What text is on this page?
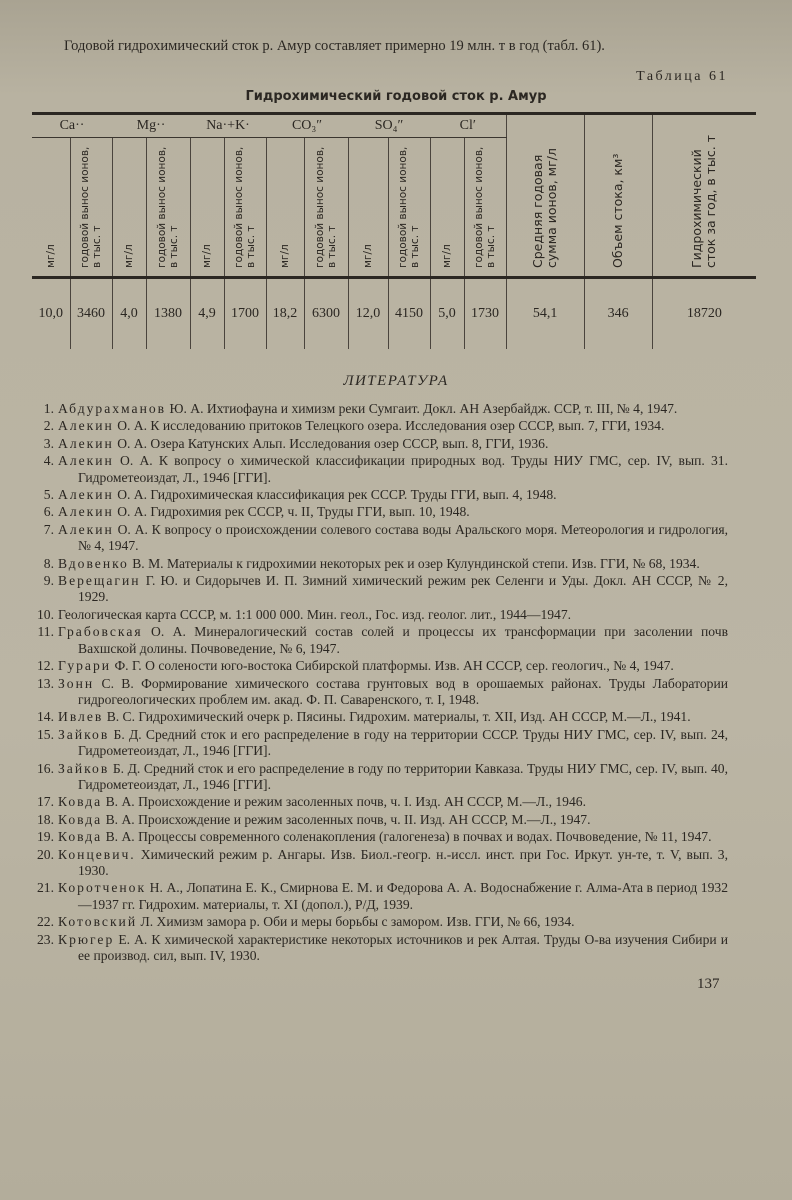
Годовой гидрохимический сток р. Амур составляет примерно 19 млн. т в год (табл. 61).

Таблица 61
Гидрохимический годовой сток р. Амур
Ca··		Mg··		Na·+K·		CO₃″		SO₄″		Cl′		Средняя годовая сумма ионов, мг/л	Объем стока, км³	Гидрохимический сток за год, в тыс. т
мг/л	годовой вынос ионов, в тыс. т	мг/л	годовой вынос ионов, в тыс. т	мг/л	годовой вынос ионов, в тыс. т	мг/л	годовой вынос ионов, в тыс. т	мг/л	годовой вынос ионов, в тыс. т	мг/л	годовой вынос ионов, в тыс. т			
10,0	3460	4,0	1380	4,9	1700	18,2	6300	12,0	4150	5,0	1730	54,1	346	18720
ЛИТЕРАТУРА
1. Абдурахманов Ю. А. Ихтиофауна и химизм реки Сумгаит. Докл. АН Азербайдж. ССР, т. III, № 4, 1947.
2. Алекин О. А. К исследованию притоков Телецкого озера. Исследования озер СССР, вып. 7, ГГИ, 1934.
3. Алекин О. А. Озера Катунских Альп. Исследования озер СССР, вып. 8, ГГИ, 1936.
4. Алекин О. А. К вопросу о химической классификации природных вод. Труды НИУ ГМС, сер. IV, вып. 31. Гидрометеоиздат, Л., 1946 [ГГИ].
5. Алекин О. А. Гидрохимическая классификация рек СССР. Труды ГГИ, вып. 4, 1948.
6. Алекин О. А. Гидрохимия рек СССР, ч. II, Труды ГГИ, вып. 10, 1948.
7. Алекин О. А. К вопросу о происхождении солевого состава воды Аральского моря. Метеорология и гидрология, № 4, 1947.
8. Вдовенко В. М. Материалы к гидрохимии некоторых рек и озер Кулундинской степи. Изв. ГГИ, № 68, 1934.
9. Верещагин Г. Ю. и Сидорычев И. П. Зимний химический режим рек Селенги и Уды. Докл. АН СССР, № 2, 1929.
10. Геологическая карта СССР, м. 1:1 000 000. Мин. геол., Гос. изд. геолог. лит., 1944—1947.
11. Грабовская О. А. Минералогический состав солей и процессы их трансформации при засолении почв Вахшской долины. Почвоведение, № 6, 1947.
12. Гурари Ф. Г. О солености юго-востока Сибирской платформы. Изв. АН СССР, сер. геологич., № 4, 1947.
13. Зонн С. В. Формирование химического состава грунтовых вод в орошаемых районах. Труды Лаборатории гидрогеологических проблем им. акад. Ф. П. Саваренского, т. I, 1948.
14. Ивлев В. С. Гидрохимический очерк р. Пясины. Гидрохим. материалы, т. XII, Изд. АН СССР, М.—Л., 1941.
15. Зайков Б. Д. Средний сток и его распределение в году на территории СССР. Труды НИУ ГМС, сер. IV, вып. 24, Гидрометеоиздат, Л., 1946 [ГГИ].
16. Зайков Б. Д. Средний сток и его распределение в году по территории Кавказа. Труды НИУ ГМС, сер. IV, вып. 40, Гидрометеоиздат, Л., 1946 [ГГИ].
17. Ковда В. А. Происхождение и режим засоленных почв, ч. I. Изд. АН СССР, М.—Л., 1946.
18. Ковда В. А. Происхождение и режим засоленных почв, ч. II. Изд. АН СССР, М.—Л., 1947.
19. Ковда В. А. Процессы современного соленакопления (галогенеза) в почвах и водах. Почвоведение, № 11, 1947.
20. Концевич. Химический режим р. Ангары. Изв. Биол.-геогр. н.-иссл. инст. при Гос. Иркут. ун-те, т. V, вып. 3, 1930.
21. Коротченок Н. А., Лопатина Е. К., Смирнова Е. М. и Федорова А. А. Водоснабжение г. Алма-Ата в период 1932—1937 гг. Гидрохим. материалы, т. XI (допол.), Р/Д, 1939.
22. Котовский Л. Химизм замора р. Оби и меры борьбы с замором. Изв. ГГИ, № 66, 1934.
23. Крюгер Е. А. К химической характеристике некоторых источников и рек Алтая. Труды О-ва изучения Сибири и ее производ. сил, вып. IV, 1930.
137
